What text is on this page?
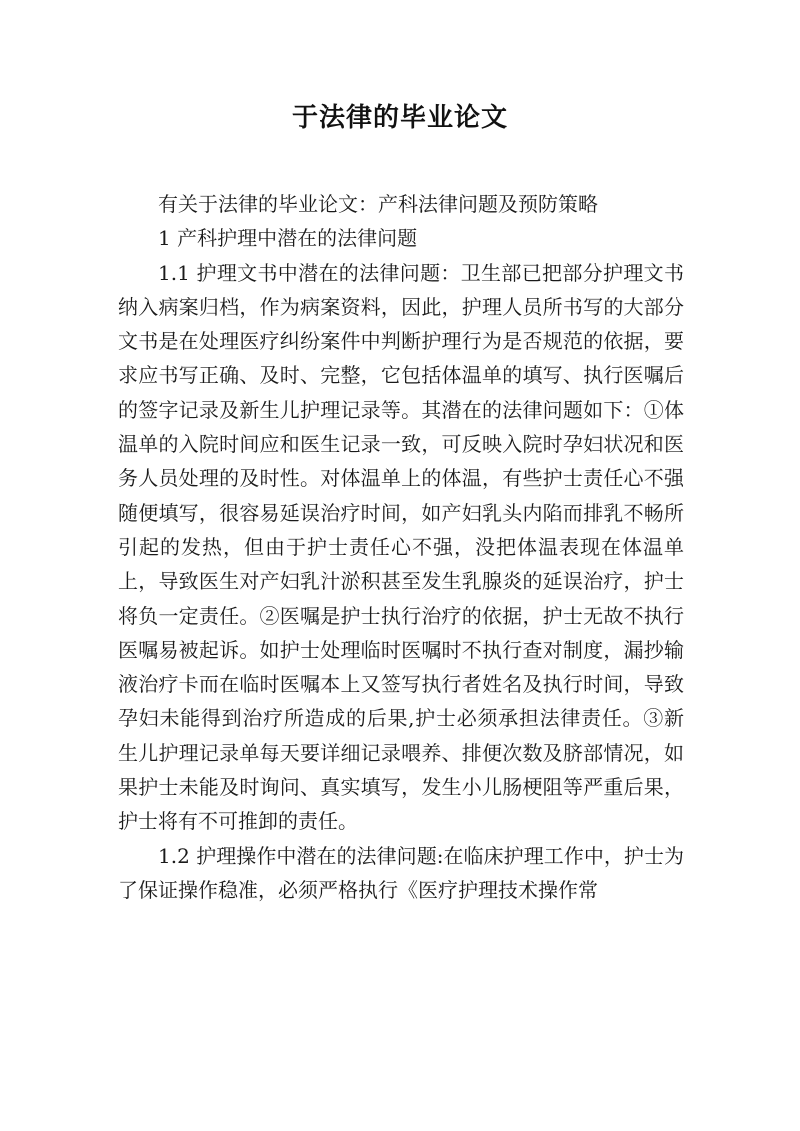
于法律的毕业论文

有关于法律的毕业论文：产科法律问题及预防策略

1 产科护理中潜在的法律问题

1.1 护理文书中潜在的法律问题：卫生部已把部分护理文书纳入病案归档，作为病案资料，因此，护理人员所书写的大部分文书是在处理医疗纠纷案件中判断护理行为是否规范的依据，要求应书写正确、及时、完整，它包括体温单的填写、执行医嘱后的签字记录及新生儿护理记录等。其潜在的法律问题如下：①体温单的入院时间应和医生记录一致，可反映入院时孕妇状况和医务人员处理的及时性。对体温单上的体温，有些护士责任心不强随便填写，很容易延误治疗时间，如产妇乳头内陷而排乳不畅所引起的发热，但由于护士责任心不强，没把体温表现在体温单上，导致医生对产妇乳汁淤积甚至发生乳腺炎的延误治疗，护士将负一定责任。②医嘱是护士执行治疗的依据，护士无故不执行医嘱易被起诉。如护士处理临时医嘱时不执行查对制度，漏抄输液治疗卡而在临时医嘱本上又签写执行者姓名及执行时间，导致孕妇未能得到治疗所造成的后果,护士必须承担法律责任。③新生儿护理记录单每天要详细记录喂养、排便次数及脐部情况，如果护士未能及时询问、真实填写，发生小儿肠梗阻等严重后果，护士将有不可推卸的责任。

1.2 护理操作中潜在的法律问题:在临床护理工作中，护士为了保证操作稳准，必须严格执行《医疗护理技术操作常
